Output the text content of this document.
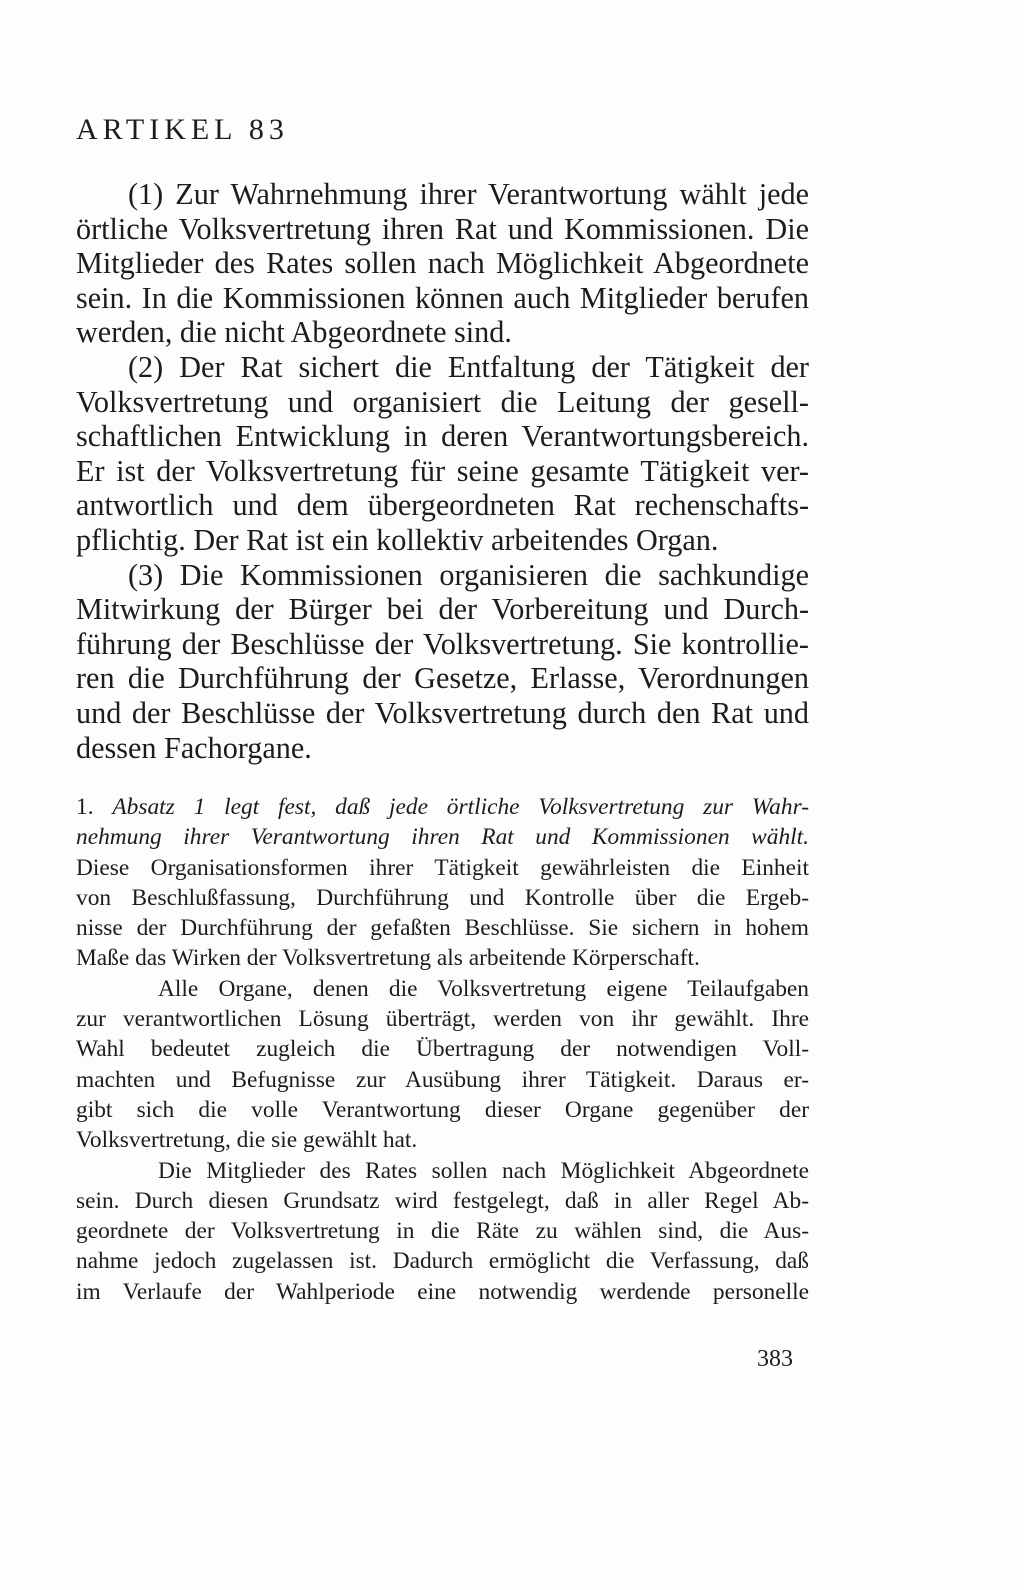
ARTIKEL 83
(1) Zur Wahrnehmung ihrer Verantwortung wählt jede
örtliche Volksvertretung ihren Rat und Kommissionen. Die
Mitglieder des Rates sollen nach Möglichkeit Abgeordnete
sein. In die Kommissionen können auch Mitglieder berufen
werden, die nicht Abgeordnete sind.
(2) Der Rat sichert die Entfaltung der Tätigkeit der
Volksvertretung und organisiert die Leitung der gesell-
schaftlichen Entwicklung in deren Verantwortungsbereich.
Er ist der Volksvertretung für seine gesamte Tätigkeit ver-
antwortlich und dem übergeordneten Rat rechenschafts-
pflichtig. Der Rat ist ein kollektiv arbeitendes Organ.
(3) Die Kommissionen organisieren die sachkundige
Mitwirkung der Bürger bei der Vorbereitung und Durch-
führung der Beschlüsse der Volksvertretung. Sie kontrollie-
ren die Durchführung der Gesetze, Erlasse, Verordnungen
und der Beschlüsse der Volksvertretung durch den Rat und
dessen Fachorgane.
1. Absatz 1 legt fest, daß jede örtliche Volksvertretung zur Wahr-
nehmung ihrer Verantwortung ihren Rat und Kommissionen wählt.
Diese Organisationsformen ihrer Tätigkeit gewährleisten die Einheit
von Beschlußfassung, Durchführung und Kontrolle über die Ergeb-
nisse der Durchführung der gefaßten Beschlüsse. Sie sichern in hohem
Maße das Wirken der Volksvertretung als arbeitende Körperschaft.
Alle Organe, denen die Volksvertretung eigene Teilaufgaben
zur verantwortlichen Lösung überträgt, werden von ihr gewählt. Ihre
Wahl bedeutet zugleich die Übertragung der notwendigen Voll-
machten und Befugnisse zur Ausübung ihrer Tätigkeit. Daraus er-
gibt sich die volle Verantwortung dieser Organe gegenüber der
Volksvertretung, die sie gewählt hat.
Die Mitglieder des Rates sollen nach Möglichkeit Abgeordnete
sein. Durch diesen Grundsatz wird festgelegt, daß in aller Regel Ab-
geordnete der Volksvertretung in die Räte zu wählen sind, die Aus-
nahme jedoch zugelassen ist. Dadurch ermöglicht die Verfassung, daß
im Verlaufe der Wahlperiode eine notwendig werdende personelle
383
